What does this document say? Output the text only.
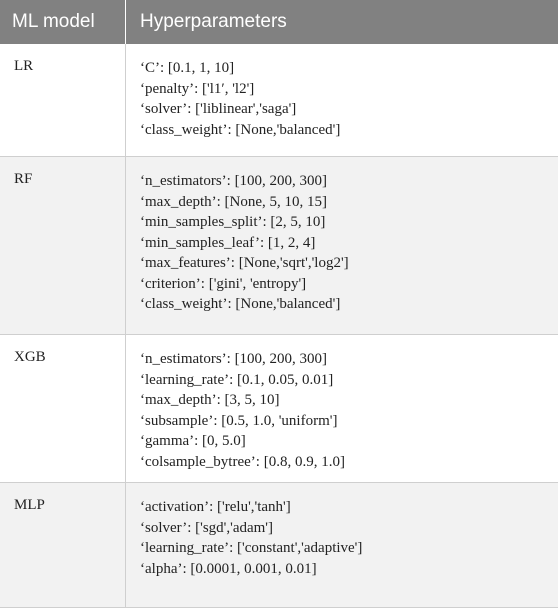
ML model	Hyperparameters
LR	‘C’: [0.1, 1, 10]
‘penalty’: ['l1′, 'l2']
‘solver’: ['liblinear','saga']
‘class_weight’: [None,'balanced']
RF	‘n_estimators’: [100, 200, 300]
‘max_depth’: [None, 5, 10, 15]
‘min_samples_split’: [2, 5, 10]
‘min_samples_leaf’: [1, 2, 4]
‘max_features’: [None,'sqrt','log2']
‘criterion’: ['gini', 'entropy']
‘class_weight’: [None,'balanced']
XGB	‘n_estimators’: [100, 200, 300]
‘learning_rate’: [0.1, 0.05, 0.01]
‘max_depth’: [3, 5, 10]
‘subsample’: [0.5, 1.0, 'uniform']
‘gamma’: [0, 5.0]
‘colsample_bytree’: [0.8, 0.9, 1.0]
MLP	‘activation’: ['relu','tanh']
‘solver’: ['sgd','adam']
‘learning_rate’: ['constant','adaptive']
‘alpha’: [0.0001, 0.001, 0.01]
